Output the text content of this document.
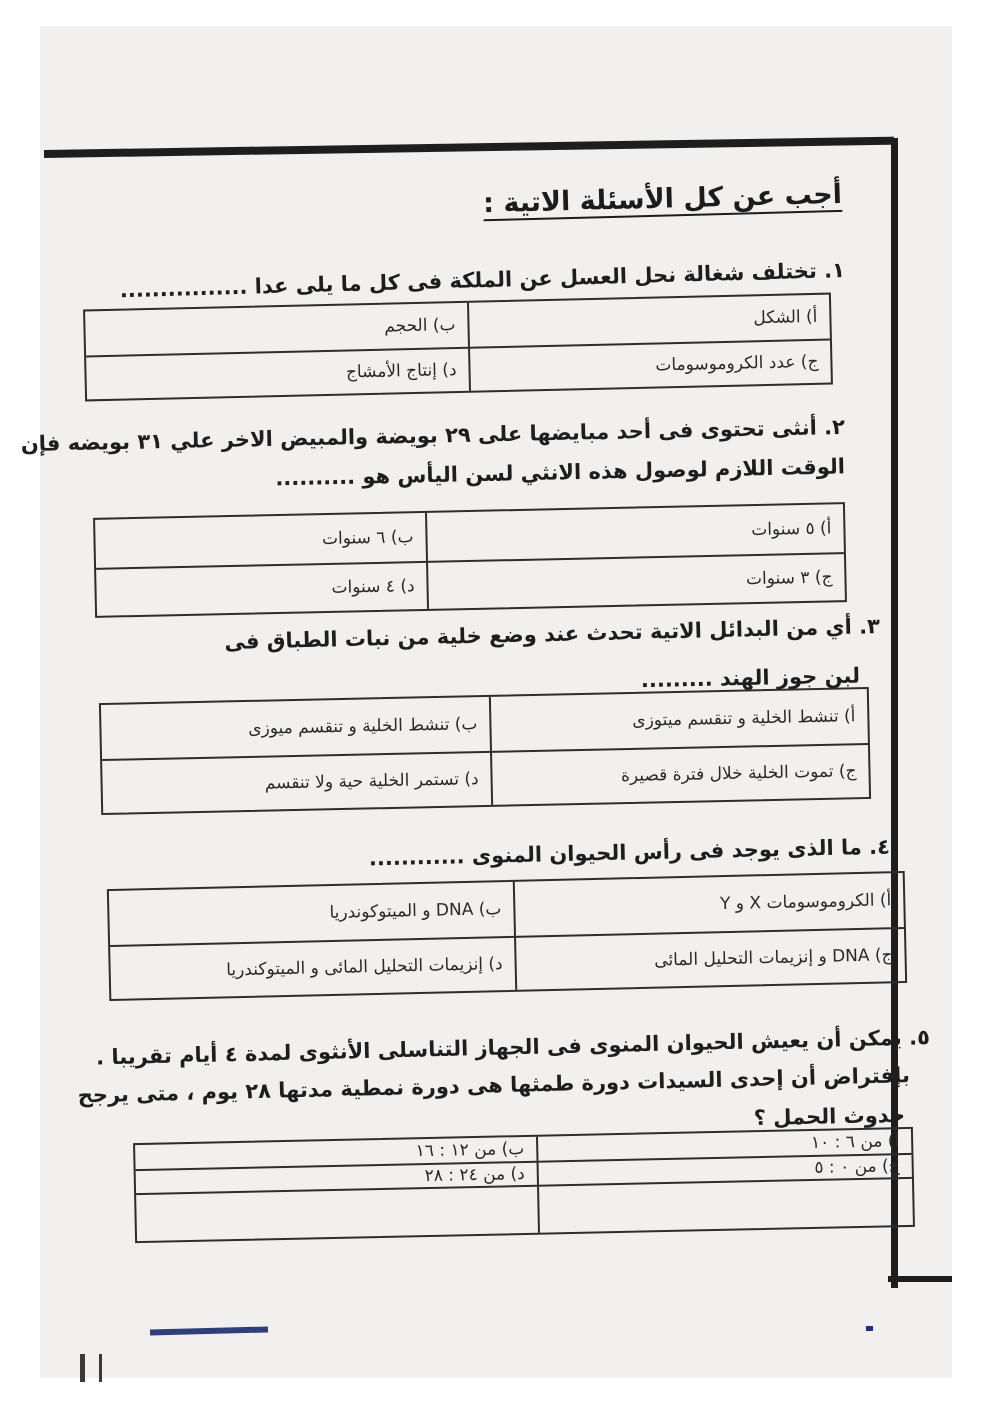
أجب عن كل الأسئلة الاتية :
١. تختلف شغالة نحل العسل عن الملكة فى كل ما يلى عدا ................
أ) الشكل
ب) الحجم
ج) عدد الكروموسومات
د) إنتاج الأمشاج
٢. أنثى تحتوى فى أحد مبايضها على ٢٩ بويضة والمبيض الاخر علي ٣١ بويضه فإن
الوقت اللازم لوصول هذه الانثي لسن اليأس هو ..........
أ) ٥ سنوات
ب) ٦ سنوات
ج) ٣ سنوات
د) ٤ سنوات
٣. أي من البدائل الاتية تحدث عند وضع خلية من نبات الطباق فى
لبن جوز الهند .........
أ) تنشط الخلية و تنقسم ميتوزى
ب) تنشط الخلية و تنقسم ميوزى
ج) تموت الخلية خلال فترة قصيرة
د) تستمر الخلية حية ولا تنقسم
٤. ما الذى يوجد فى رأس الحيوان المنوى ............
أ) الكروموسومات X و Y
ب) DNA و الميتوكوندريا
ج) DNA و إنزيمات التحليل المائى
د) إنزيمات التحليل المائى و الميتوكندريا
٥. يمكن أن يعيش الحيوان المنوى فى الجهاز التناسلى الأنثوى لمدة ٤ أيام تقريبا .
بإفتراض أن إحدى السيدات دورة طمثها هى دورة نمطية مدتها ٢٨ يوم ، متى يرجح
حدوث الحمل ؟
أ) من ٦ : ١٠
ب) من ١٢ : ١٦
ج) من ٠ : ٥
د) من ٢٤ : ٢٨
